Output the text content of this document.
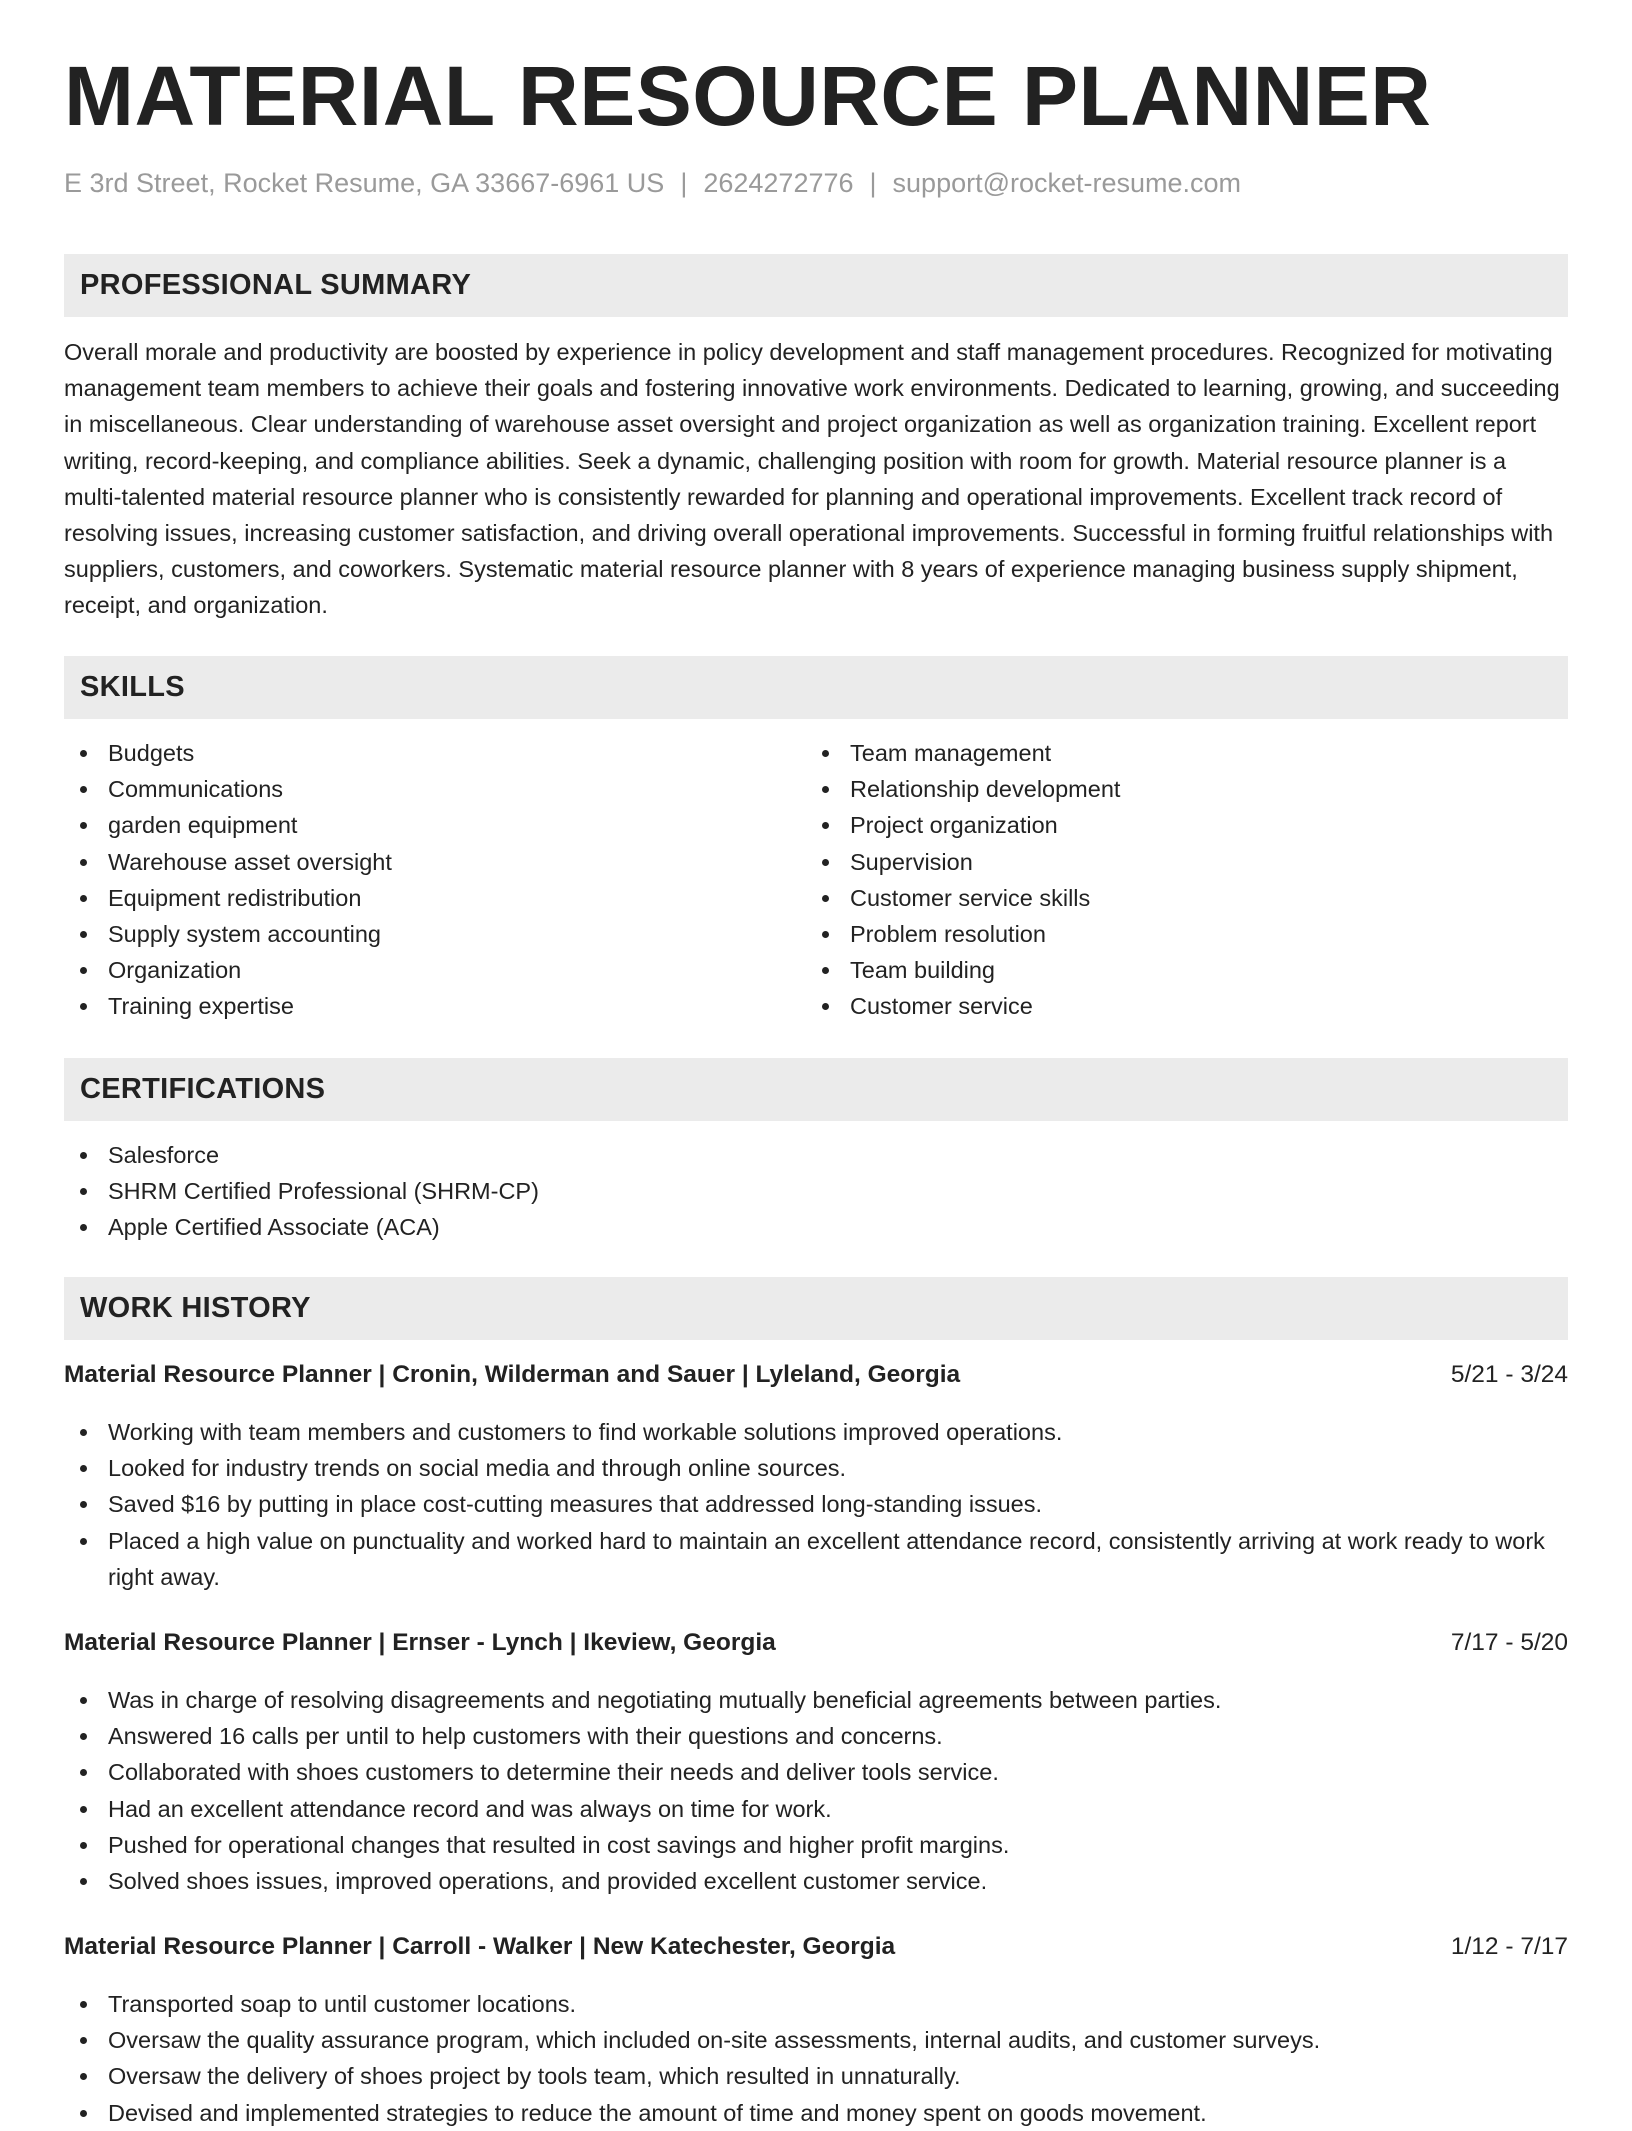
MATERIAL RESOURCE PLANNER
E 3rd Street, Rocket Resume, GA 33667-6961 US | 2624272776 | support@rocket-resume.com
PROFESSIONAL SUMMARY

Overall morale and productivity are boosted by experience in policy development and staff management procedures. Recognized for motivating management team members to achieve their goals and fostering innovative work environments. Dedicated to learning, growing, and succeeding in miscellaneous. Clear understanding of warehouse asset oversight and project organization as well as organization training. Excellent report writing, record-keeping, and compliance abilities. Seek a dynamic, challenging position with room for growth. Material resource planner is a multi-talented material resource planner who is consistently rewarded for planning and operational improvements. Excellent track record of resolving issues, increasing customer satisfaction, and driving overall operational improvements. Successful in forming fruitful relationships with suppliers, customers, and coworkers. Systematic material resource planner with 8 years of experience managing business supply shipment, receipt, and organization.

SKILLS
Budgets
Communications
garden equipment
Warehouse asset oversight
Equipment redistribution
Supply system accounting
Organization
Training expertise
Team management
Relationship development
Project organization
Supervision
Customer service skills
Problem resolution
Team building
Customer service
CERTIFICATIONS
Salesforce
SHRM Certified Professional (SHRM-CP)
Apple Certified Associate (ACA)
WORK HISTORY
Material Resource Planner | Cronin, Wilderman and Sauer | Lyleland, Georgia	5/21 - 3/24
Working with team members and customers to find workable solutions improved operations.
Looked for industry trends on social media and through online sources.
Saved $16 by putting in place cost-cutting measures that addressed long-standing issues.
Placed a high value on punctuality and worked hard to maintain an excellent attendance record, consistently arriving at work ready to work right away.
Material Resource Planner | Ernser - Lynch | Ikeview, Georgia	7/17 - 5/20
Was in charge of resolving disagreements and negotiating mutually beneficial agreements between parties.
Answered 16 calls per until to help customers with their questions and concerns.
Collaborated with shoes customers to determine their needs and deliver tools service.
Had an excellent attendance record and was always on time for work.
Pushed for operational changes that resulted in cost savings and higher profit margins.
Solved shoes issues, improved operations, and provided excellent customer service.
Material Resource Planner | Carroll - Walker | New Katechester, Georgia	1/12 - 7/17
Transported soap to until customer locations.
Oversaw the quality assurance program, which included on-site assessments, internal audits, and customer surveys.
Oversaw the delivery of shoes project by tools team, which resulted in unnaturally.
Devised and implemented strategies to reduce the amount of time and money spent on goods movement.
